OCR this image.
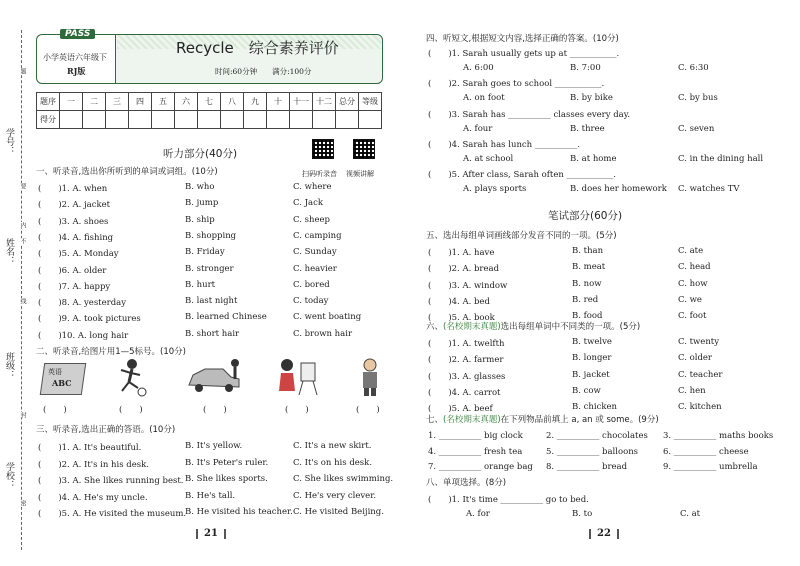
学号：
姓名：
班级：
学校：
题
要
不
内
线
封
密
小学英语六年级下
RJ版	时间:60分钟　　满分:100分
PASS
Recycle　综合素养评价
题序	一	二	三	四	五	六	七	八	九	十	十一	十二	总分	等级
得分														
听力部分(40分)
扫码听录音 视频讲解
一、听录音,选出你所听到的单词或词组。(10分)
(　　)1. A. when	B. who	C. where
(　　)2. A. jacket	B. jump	C. Jack
(　　)3. A. shoes	B. ship	C. sheep
(　　)4. A. fishing	B. shopping	C. camping
(　　)5. A. Monday	B. Friday	C. Sunday
(　　)6. A. older	B. stronger	C. heavier
(　　)7. A. happy	B. hurt	C. bored
(　　)8. A. yesterday	B. last night	C. today
(　　)9. A. took pictures	B. learned Chinese	C. went boating
(　　)10. A. long hair	B. short hair	C. brown hair
二、听录音,给图片用1—5标号。(10分)
英语
ABC
(　　)	(　　)	(　　)	(　　)	(　　)
三、听录音,选出正确的答语。(10分)
(　　)1. A. It's beautiful.	B. It's yellow.	C. It's a new skirt.
(　　)2. A. It's in his desk.	B. It's Peter's ruler.	C. It's on his desk.
(　　)3. A. She likes running best. B. She likes sports.	C. She likes swimming.
(　　)4. A. He's my uncle.	B. He's tall.	C. He's very clever.
(　　)5. A. He visited the museum.
B. He visited his teacher. C. He visited Beijing.
21
四、听短文,根据短文内容,选择正确的答案。(10分)
(　　)1. Sarah usually gets up at ___________.
A. 6:00	B. 7:00	C. 6:30
(　　)2. Sarah goes to school ___________.
A. on foot	B. by bike	C. by bus
(　　)3. Sarah has __________ classes every day.
A. four	B. three	C. seven
(　　)4. Sarah has lunch __________.
A. at school	B. at home	C. in the dining hall
(　　)5. After class, Sarah often ___________.
A. plays sports	B. does her homework C. watches TV
笔试部分(60分)
五、选出每组单词画线部分发音不同的一项。(5分)
(　　)1. A. have	B. than	C. ate
(　　)2. A. bread	B. meat	C. head
(　　)3. A. window	B. now	C. how
(　　)4. A. bed	B. red	C. we
(　　)5. A. book	B. food	C. foot
六、(名校期末真题)选出每组单词中不同类的一项。(5分)
(　　)1. A. twelfth	B. twelve	C. twenty
(　　)2. A. farmer	B. longer	C. older
(　　)3. A. glasses	B. jacket	C. teacher
(　　)4. A. carrot	B. cow	C. hen
(　　)5. A. beef	B. chicken	C. kitchen
七、(名校期末真题)在下列物品前填上 a, an 或 some。(9分)
1. __________ big clock	2. __________ chocolates 3. __________ maths books
4. __________ fresh tea	5. __________ balloons	6. __________ cheese
7. __________ orange bag 8. __________ bread	9. __________ umbrella
八、单项选择。(8分)
(　　)1. It's time __________ go to bed.
A. for	B. to	C. at
22
